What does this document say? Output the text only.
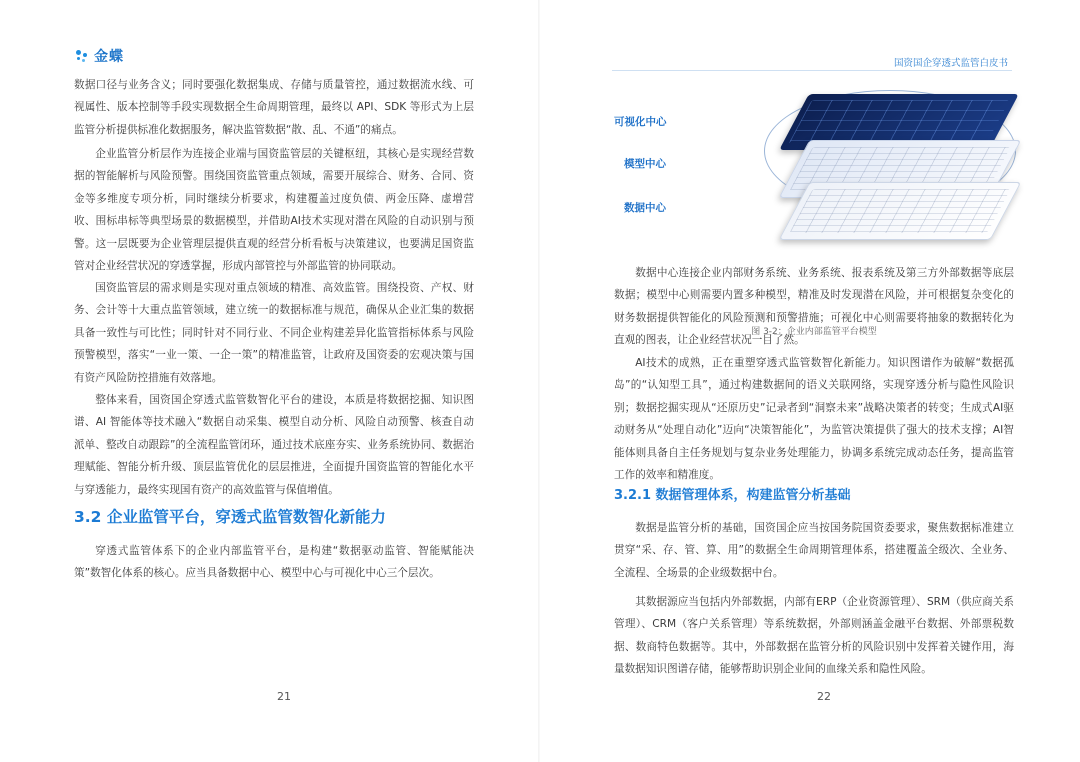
金蝶

数据口径与业务含义；同时要强化数据集成、存储与质量管控，通过数据流水线、可视属性、版本控制等手段实现数据全生命周期管理，最终以 API、SDK 等形式为上层监管分析提供标准化数据服务，解决监管数据“散、乱、不通”的痛点。

企业监管分析层作为连接企业端与国资监管层的关键枢纽，其核心是实现经营数据的智能解析与风险预警。围绕国资监管重点领域，需要开展综合、财务、合同、资金等多维度专项分析，同时继续分析要求，构建覆盖过度负债、两金压降、虚增营收、围标串标等典型场景的数据模型，并借助AI技术实现对潜在风险的自动识别与预警。这一层既要为企业管理层提供直观的经营分析看板与决策建议，也要满足国资监管对企业经营状况的穿透掌握，形成内部管控与外部监管的协同联动。

国资监管层的需求则是实现对重点领域的精准、高效监管。围绕投资、产权、财务、会计等十大重点监管领域，建立统一的数据标准与规范，确保从企业汇集的数据具备一致性与可比性；同时针对不同行业、不同企业构建差异化监管指标体系与风险预警模型，落实“一业一策、一企一策”的精准监管，让政府及国资委的宏观决策与国有资产风险防控措施有效落地。

整体来看，国资国企穿透式监管数智化平台的建设，本质是将数据挖掘、知识图谱、AI 智能体等技术融入“数据自动采集、模型自动分析、风险自动预警、核查自动派单、整改自动跟踪”的全流程监管闭环，通过技术底座夯实、业务系统协同、数据治理赋能、智能分析升级、顶层监管优化的层层推进，全面提升国资监管的智能化水平与穿透能力，最终实现国有资产的高效监管与保值增值。

3.2 企业监管平台，穿透式监管数智化新能力

穿透式监管体系下的企业内部监管平台，是构建“数据驱动监管、智能赋能决策”数智化体系的核心。应当具备数据中心、模型中心与可视化中心三个层次。

21
国资国企穿透式监管白皮书
可视化中心
模型中心
数据中心
图 3-2：企业内部监管平台模型

数据中心连接企业内部财务系统、业务系统、报表系统及第三方外部数据等底层数据；模型中心则需要内置多种模型，精准及时发现潜在风险，并可根据复杂变化的财务数据提供智能化的风险预测和预警措施；可视化中心则需要将抽象的数据转化为直观的图表，让企业经营状况一目了然。

AI技术的成熟，正在重塑穿透式监管数智化新能力。知识图谱作为破解“数据孤岛”的“认知型工具”，通过构建数据间的语义关联网络，实现穿透分析与隐性风险识别；数据挖掘实现从“还原历史”记录者到“洞察未来”战略决策者的转变；生成式AI驱动财务从“处理自动化”迈向“决策智能化”，为监管决策提供了强大的技术支撑；AI智能体则具备自主任务规划与复杂业务处理能力，协调多系统完成动态任务，提高监管工作的效率和精准度。

3.2.1 数据管理体系，构建监管分析基础

数据是监管分析的基础，国资国企应当按国务院国资委要求，聚焦数据标准建立贯穿“采、存、管、算、用”的数据全生命周期管理体系，搭建覆盖全级次、全业务、全流程、全场景的企业级数据中台。

其数据源应当包括内外部数据，内部有ERP（企业资源管理）、SRM（供应商关系管理）、CRM（客户关系管理）等系统数据，外部则涵盖金融平台数据、外部票税数据、数商特色数据等。其中，外部数据在监管分析的风险识别中发挥着关键作用，海量数据知识图谱存储，能够帮助识别企业间的血缘关系和隐性风险。

22
